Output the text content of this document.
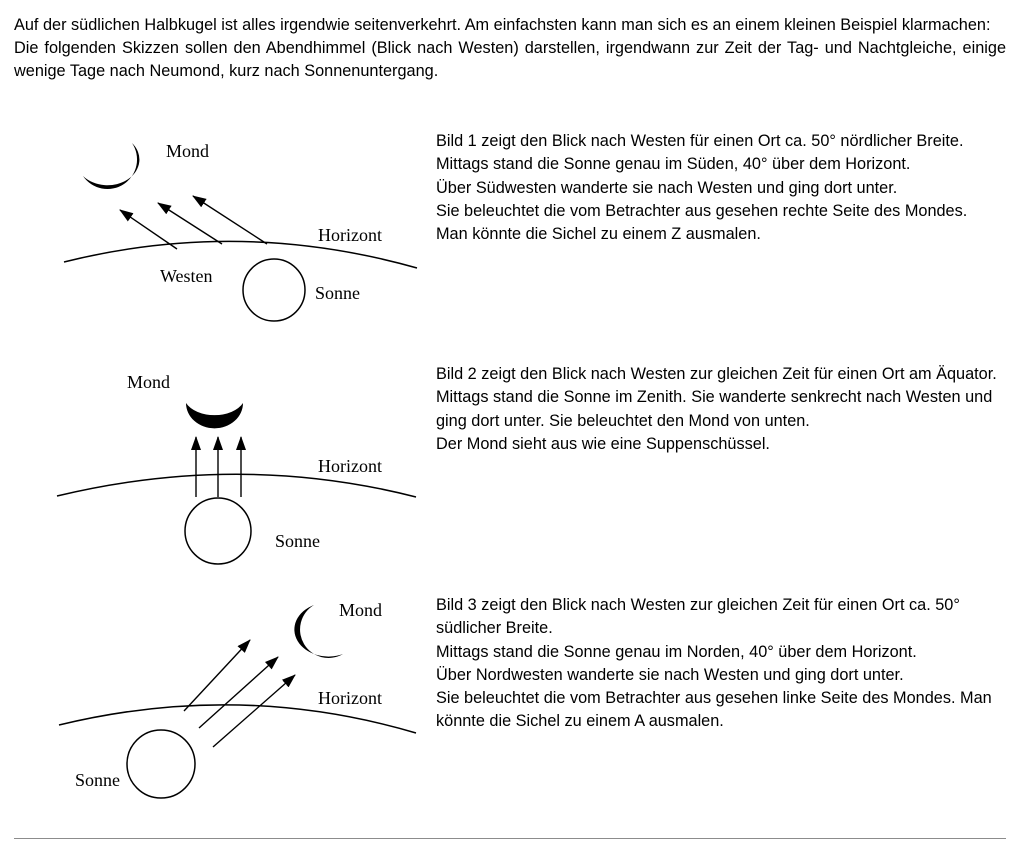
Auf der südlichen Halbkugel ist alles irgendwie seitenverkehrt. Am einfachsten kann man sich es an einem kleinen Beispiel klarmachen:

Die folgenden Skizzen sollen den Abendhimmel (Blick nach Westen) darstellen, irgendwann zur Zeit der Tag- und Nachtgleiche, einige wenige Tage nach Neumond, kurz nach Sonnenuntergang.

Mond
Horizont
Westen
Sonne

Bild 1 zeigt den Blick nach Westen für einen Ort ca. 50° nördlicher Breite.

Mittags stand die Sonne genau im Süden, 40° über dem Horizont.

Über Südwesten wanderte sie nach Westen und ging dort unter.

Sie beleuchtet die vom Betrachter aus gesehen rechte Seite des Mondes. Man könnte die Sichel zu einem Z ausmalen.

Mond
Horizont
Sonne

Bild 2 zeigt den Blick nach Westen zur gleichen Zeit für einen Ort am Äquator.

Mittags stand die Sonne im Zenith. Sie wanderte senkrecht nach Westen und ging dort unter. Sie beleuchtet den Mond von unten.

Der Mond sieht aus wie eine Suppenschüssel.

Mond
Horizont
Sonne

Bild 3 zeigt den Blick nach Westen zur gleichen Zeit für einen Ort ca. 50° südlicher Breite.

Mittags stand die Sonne genau im Norden, 40° über dem Horizont.

Über Nordwesten wanderte sie nach Westen und ging dort unter.

Sie beleuchtet die vom Betrachter aus gesehen linke Seite des Mondes. Man könnte die Sichel zu einem A ausmalen.
